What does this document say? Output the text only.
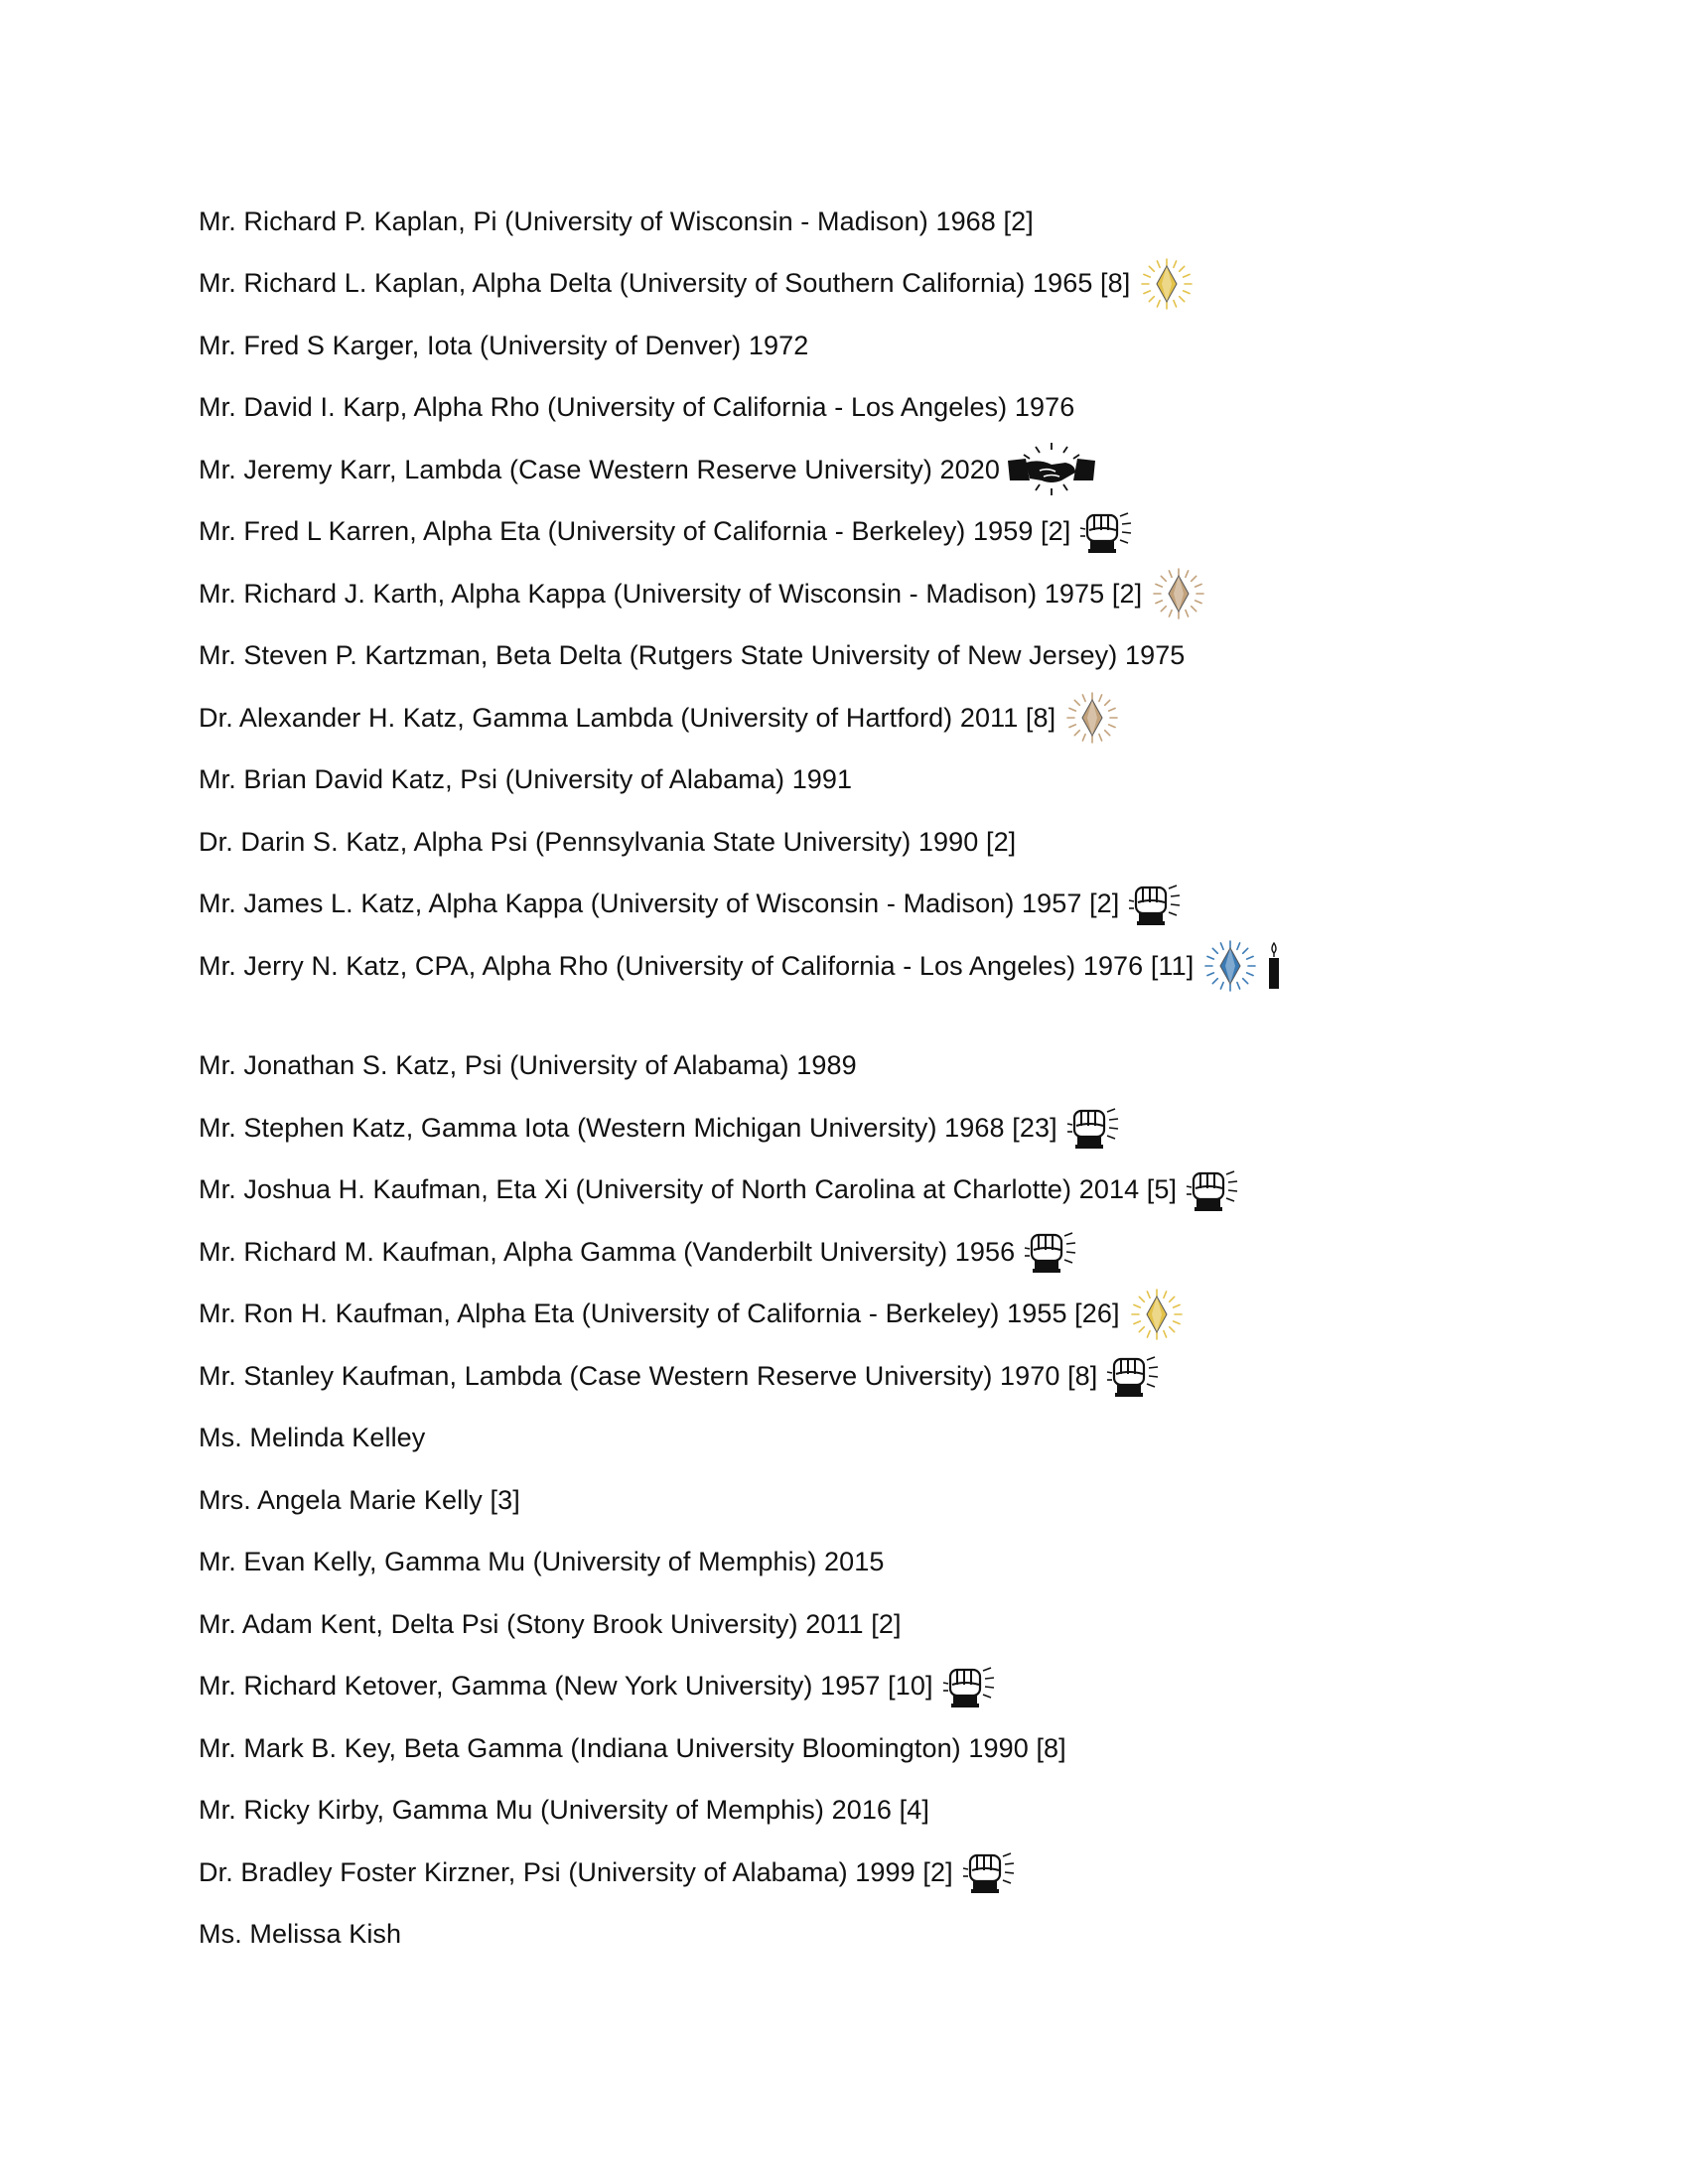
Mr. Richard P. Kaplan, Pi (University of Wisconsin - Madison) 1968 [2]
Mr. Richard L. Kaplan, Alpha Delta (University of Southern California) 1965 [8]
Mr. Fred S Karger, Iota (University of Denver) 1972
Mr. David I. Karp, Alpha Rho (University of California - Los Angeles) 1976
Mr. Jeremy Karr, Lambda (Case Western Reserve University) 2020
Mr. Fred L Karren, Alpha Eta (University of California - Berkeley) 1959 [2]
Mr. Richard J. Karth, Alpha Kappa (University of Wisconsin - Madison) 1975 [2]
Mr. Steven P. Kartzman, Beta Delta (Rutgers State University of New Jersey) 1975
Dr. Alexander H. Katz, Gamma Lambda (University of Hartford) 2011 [8]
Mr. Brian David Katz, Psi (University of Alabama) 1991
Dr. Darin S. Katz, Alpha Psi (Pennsylvania State University) 1990 [2]
Mr. James L. Katz, Alpha Kappa (University of Wisconsin - Madison) 1957 [2]
Mr. Jerry N. Katz, CPA, Alpha Rho (University of California - Los Angeles) 1976 [11]
Mr. Jonathan S. Katz, Psi (University of Alabama) 1989
Mr. Stephen Katz, Gamma Iota (Western Michigan University) 1968 [23]
Mr. Joshua H. Kaufman, Eta Xi (University of North Carolina at Charlotte) 2014 [5]
Mr. Richard M. Kaufman, Alpha Gamma (Vanderbilt University) 1956
Mr. Ron H. Kaufman, Alpha Eta (University of California - Berkeley) 1955 [26]
Mr. Stanley Kaufman, Lambda (Case Western Reserve University) 1970 [8]
Ms. Melinda Kelley
Mrs. Angela Marie Kelly [3]
Mr. Evan Kelly, Gamma Mu (University of Memphis) 2015
Mr. Adam Kent, Delta Psi (Stony Brook University) 2011 [2]
Mr. Richard Ketover, Gamma (New York University) 1957 [10]
Mr. Mark B. Key, Beta Gamma (Indiana University Bloomington) 1990 [8]
Mr. Ricky Kirby, Gamma Mu (University of Memphis) 2016 [4]
Dr. Bradley Foster Kirzner, Psi (University of Alabama) 1999 [2]
Ms. Melissa Kish
